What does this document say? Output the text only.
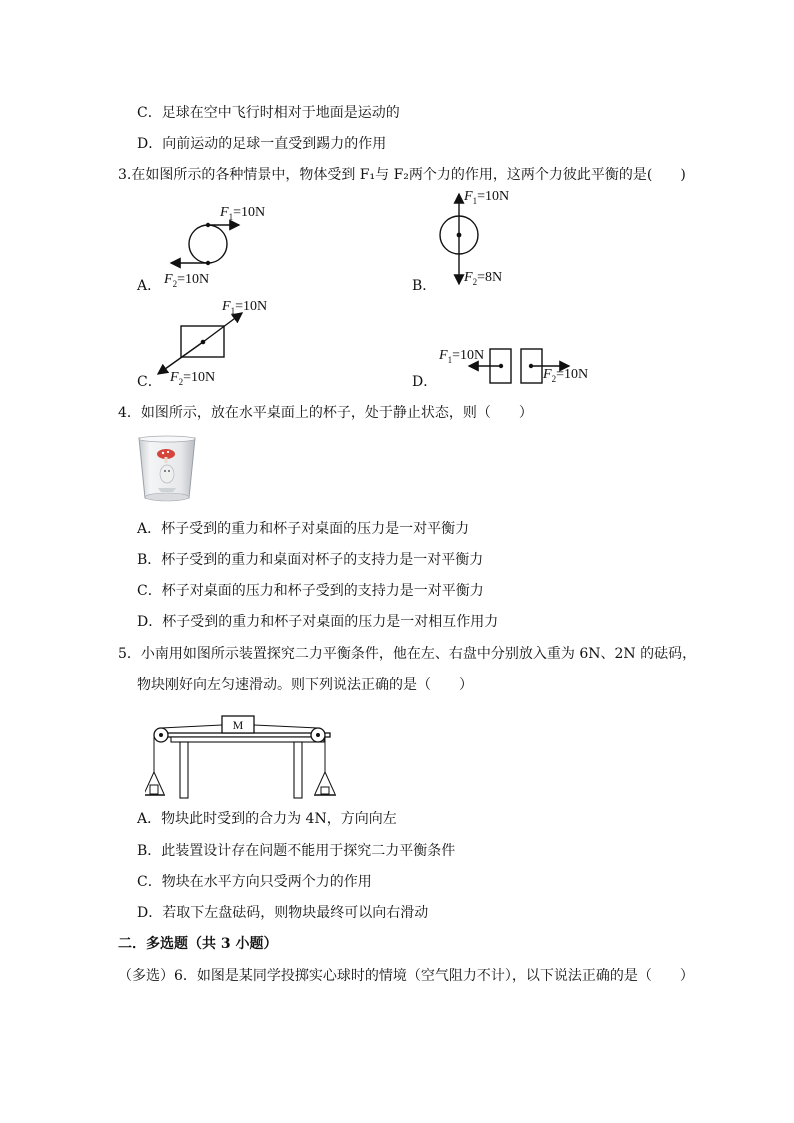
C．足球在空中飞行时相对于地面是运动的
D．向前运动的足球一直受到踢力的作用
3.在如图所示的各种情景中，物体受到 F₁与 F₂两个力的作用，这两个力彼此平衡的是(　　)
$F_1=10N$
$F_2=10N$
A．
$F_1=10N$
$F_2=8N$
B．
$F_1=10N$
$F_2=10N$
C．
$F_1=10N$
$F_2=10N$
D．
4．如图所示，放在水平桌面上的杯子，处于静止状态，则（　　）
A．杯子受到的重力和杯子对桌面的压力是一对平衡力
B．杯子受到的重力和桌面对杯子的支持力是一对平衡力
C．杯子对桌面的压力和杯子受到的支持力是一对平衡力
D．杯子受到的重力和杯子对桌面的压力是一对相互作用力
5．小南用如图所示装置探究二力平衡条件，他在左、右盘中分别放入重为 6N、2N 的砝码，
物块刚好向左匀速滑动。则下列说法正确的是（　　）
M
A．物块此时受到的合力为 4N，方向向左
B．此装置设计存在问题不能用于探究二力平衡条件
C．物块在水平方向只受两个力的作用
D．若取下左盘砝码，则物块最终可以向右滑动
二．多选题（共 3 小题）
（多选）6．如图是某同学投掷实心球时的情境（空气阻力不计），以下说法正确的是（　　）
